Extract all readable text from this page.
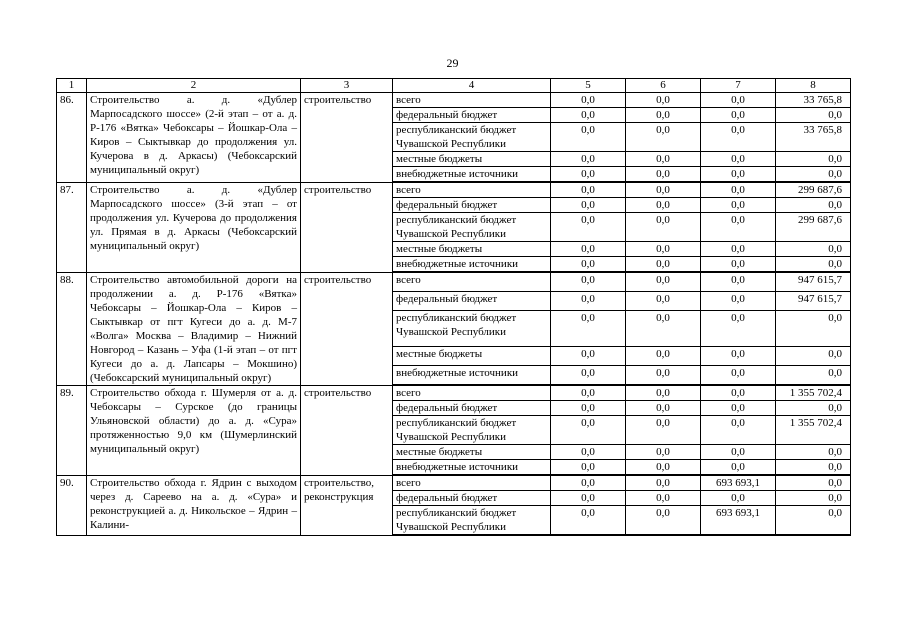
29
1	2	3	4	5	6	7	8
86.	Строительство а. д. «Дублер Марпосадского шоссе» (2-й этап – от а. д. Р-176 «Вятка» Чебоксары – Йошкар-Ола – Киров – Сыктывкар до продолжения ул. Кучерова в д. Аркасы) (Чебоксарский муниципальный округ)	строительство	всего	0,0	0,0	0,0	33 765,8
			федеральный бюджет	0,0	0,0	0,0	0,0
			республиканский бюджет Чувашской Республики	0,0	0,0	0,0	33 765,8
			местные бюджеты	0,0	0,0	0,0	0,0
			внебюджетные источники	0,0	0,0	0,0	0,0

87.	Строительство а. д. «Дублер Марпосадского шоссе» (3-й этап – от продолжения ул. Кучерова до продолжения ул. Прямая в д. Аркасы (Чебоксарский муниципальный округ)	строительство	всего	0,0	0,0	0,0	299 687,6
			федеральный бюджет	0,0	0,0	0,0	0,0
			республиканский бюджет Чувашской Республики	0,0	0,0	0,0	299 687,6
			местные бюджеты	0,0	0,0	0,0	0,0
			внебюджетные источники	0,0	0,0	0,0	0,0

88.	Строительство автомобильной дороги на продолжении а. д. Р-176 «Вятка» Чебоксары – Йошкар-Ола – Киров – Сыктывкар от пгт Кугеси до а. д. М-7 «Волга» Москва – Владимир – Нижний Новгород – Казань – Уфа (1-й этап – от пгт Кугеси до а. д. Лапсары – Мокшино) (Чебоксарский муниципальный округ)	строительство	всего	0,0	0,0	0,0	947 615,7
			федеральный бюджет	0,0	0,0	0,0	947 615,7
			республиканский бюджет Чувашской Республики	0,0	0,0	0,0	0,0
			местные бюджеты	0,0	0,0	0,0	0,0
			внебюджетные источники	0,0	0,0	0,0	0,0

89.	Строительство обхода г. Шумерля от а. д. Чебоксары – Сурское (до границы Ульяновской области) до а. д. «Сура» протяженностью 9,0 км (Шумерлинский муниципальный округ)	строительство	всего	0,0	0,0	0,0	1 355 702,4
			федеральный бюджет	0,0	0,0	0,0	0,0
			республиканский бюджет Чувашской Республики	0,0	0,0	0,0	1 355 702,4
			местные бюджеты	0,0	0,0	0,0	0,0
			внебюджетные источники	0,0	0,0	0,0	0,0

90.	Строительство обхода г. Ядрин с выходом через д. Сареево на а. д. «Сура» и реконструкцией а. д. Никольское – Ядрин – Калини-	строительство, реконструкция	всего	0,0	0,0	693 693,1	0,0
			федеральный бюджет	0,0	0,0	0,0	0,0
			республиканский бюджет Чувашской Республики	0,0	0,0	693 693,1	0,0
